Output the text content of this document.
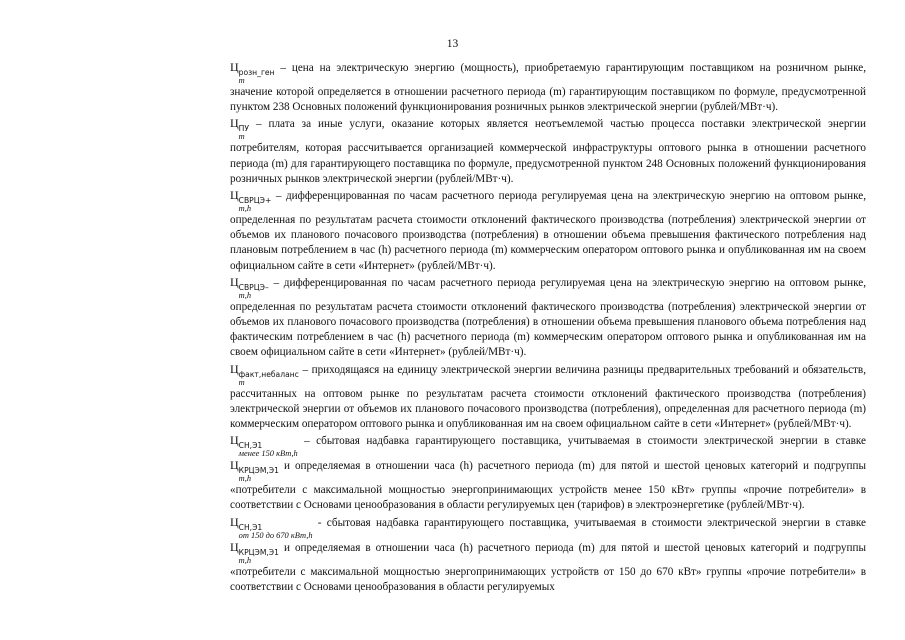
13

Ц розн_ген
m
– цена на электрическую энергию (мощность), приобретаемую гарантирующим поставщиком на розничном рынке, значение которой определяется в отношении расчетного периода (m) гарантирующим поставщиком по формуле, предусмотренной пунктом 238 Основных положений функционирования розничных рынков электрической энергии (рублей/МВт·ч).

Ц ПУ
m
– плата за иные услуги, оказание которых является неотъемлемой частью процесса поставки электрической энергии потребителям, которая рассчитывается организацией коммерческой инфраструктуры оптового рынка в отношении расчетного периода (m) для гарантирующего поставщика по формуле, предусмотренной пунктом 248 Основных положений функционирования розничных рынков электрической энергии (рублей/МВт·ч).

Ц СВРЦЭ+
m,h
– дифференцированная по часам расчетного периода регулируемая цена на электрическую энергию на оптовом рынке, определенная по результатам расчета стоимости отклонений фактического производства (потребления) электрической энергии от объемов их планового почасового производства (потребления) в отношении объема превышения фактического потребления над плановым потреблением в час (h) расчетного периода (m) коммерческим оператором оптового рынка и опубликованная им на своем официальном сайте в сети «Интернет» (рублей/МВт·ч).

Ц СВРЦЭ–
m,h
– дифференцированная по часам расчетного периода регулируемая цена на электрическую энергию на оптовом рынке, определенная по результатам расчета стоимости отклонений фактического производства (потребления) электрической энергии от объемов их планового почасового производства (потребления) в отношении объема превышения планового объема потребления над фактическим потреблением в час (h) расчетного периода (m) коммерческим оператором оптового рынка и опубликованная им на своем официальном сайте в сети «Интернет» (рублей/МВт·ч).

Ц факт,небаланс
m
– приходящаяся на единицу электрической энергии величина разницы предварительных требований и обязательств, рассчитанных на оптовом рынке по результатам расчета стоимости отклонений фактического производства (потребления) электрической энергии от объемов их планового почасового производства (потребления), определенная для расчетного периода (m) коммерческим оператором оптового рынка и опубликованная им на своем официальном сайте в сети «Интернет» (рублей/МВт·ч).

Ц СН,Э1
менее 150 кВт,h
– сбытовая надбавка гарантирующего поставщика, учитываемая в стоимости электрической энергии в ставке Ц КРЦЭМ,Э1
m,h
и определяемая в отношении часа (h) расчетного периода (m) для пятой и шестой ценовых категорий и подгруппы «потребители с максимальной мощностью энергопринимающих устройств менее 150 кВт» группы «прочие потребители» в соответствии с Основами ценообразования в области регулируемых цен (тарифов) в электроэнергетике (рублей/МВт·ч).

Ц СН,Э1
от 150 до 670 кВт,h
- сбытовая надбавка гарантирующего поставщика, учитываемая в стоимости электрической энергии в ставке Ц КРЦЭМ,Э1
m,h
и определяемая в отношении часа (h) расчетного периода (m) для пятой и шестой ценовых категорий и подгруппы «потребители с максимальной мощностью энергопринимающих устройств от 150 до 670 кВт» группы «прочие потребители» в соответствии с Основами ценообразования в области регулируемых
